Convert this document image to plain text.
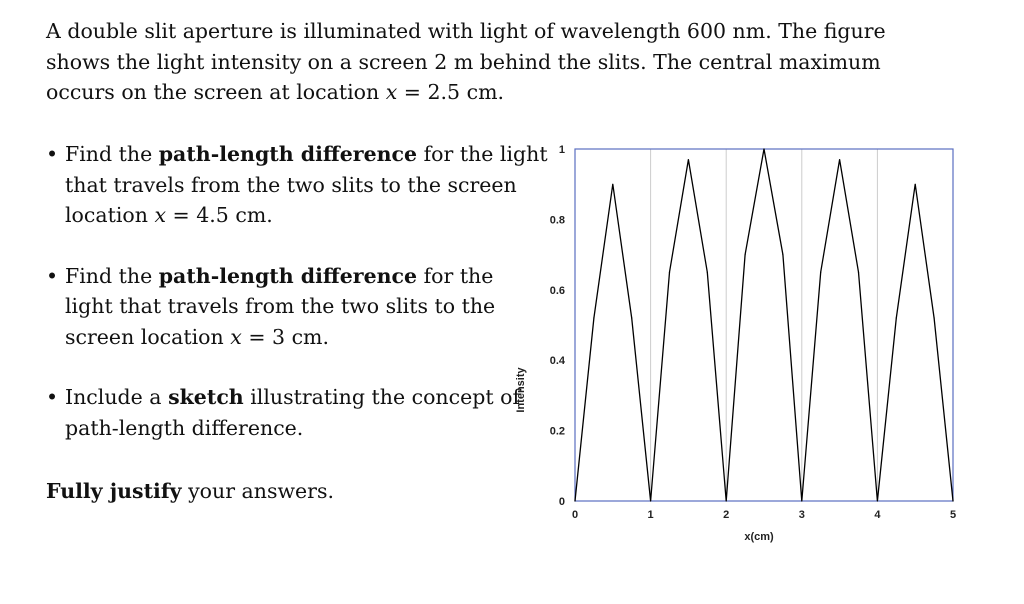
A double slit aperture is illuminated with light of wavelength 600 nm. The figure
shows the light intensity on a screen 2 m behind the slits. The central maximum
occurs on the screen at location x = 2.5 cm.
• Find the path-length difference for the light
that travels from the two slits to the screen
location x = 4.5 cm.
• Find the path-length difference for the
light that travels from the two slits to the
screen location x = 3 cm.
• Include a sketch illustrating the concept of
path-length difference.
Fully justify your answers.	0
0.2
0.4
0.6
0.8
1
0	1	2	3	4	5
Intensity
x(cm)
